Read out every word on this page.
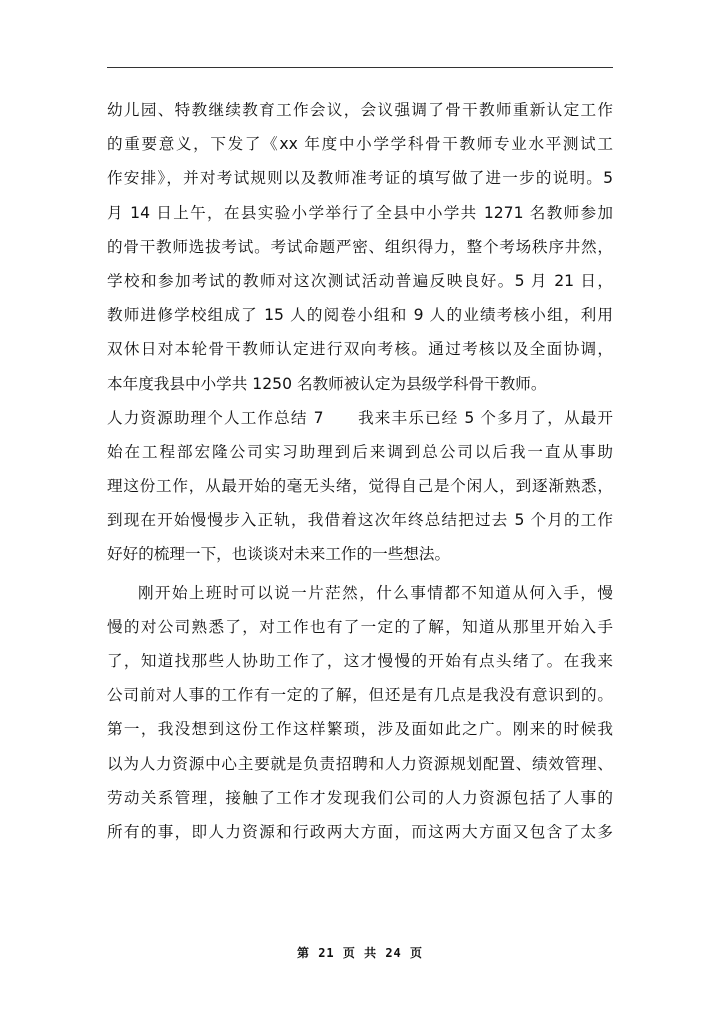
幼儿园、特教继续教育工作会议，会议强调了骨干教师重新认定工作
的重要意义，下发了《xx 年度中小学学科骨干教师专业水平测试工
作安排》，并对考试规则以及教师准考证的填写做了进一步的说明。5
月 14 日上午，在县实验小学举行了全县中小学共 1271 名教师参加
的骨干教师选拔考试。考试命题严密、组织得力，整个考场秩序井然，
学校和参加考试的教师对这次测试活动普遍反映良好。5 月 21 日，
教师进修学校组成了 15 人的阅卷小组和 9 人的业绩考核小组，利用
双休日对本轮骨干教师认定进行双向考核。通过考核以及全面协调，
本年度我县中小学共 1250 名教师被认定为县级学科骨干教师。
人力资源助理个人工作总结 7　　我来丰乐已经 5 个多月了，从最开
始在工程部宏隆公司实习助理到后来调到总公司以后我一直从事助
理这份工作，从最开始的毫无头绪，觉得自己是个闲人，到逐渐熟悉，
到现在开始慢慢步入正轨，我借着这次年终总结把过去 5 个月的工作
好好的梳理一下，也谈谈对未来工作的一些想法。
刚开始上班时可以说一片茫然，什么事情都不知道从何入手，慢
慢的对公司熟悉了，对工作也有了一定的了解，知道从那里开始入手
了，知道找那些人协助工作了，这才慢慢的开始有点头绪了。在我来
公司前对人事的工作有一定的了解，但还是有几点是我没有意识到的。
第一，我没想到这份工作这样繁琐，涉及面如此之广。刚来的时候我
以为人力资源中心主要就是负责招聘和人力资源规划配置、绩效管理、
劳动关系管理，接触了工作才发现我们公司的人力资源包括了人事的
所有的事，即人力资源和行政两大方面，而这两大方面又包含了太多
第 21 页 共 24 页
